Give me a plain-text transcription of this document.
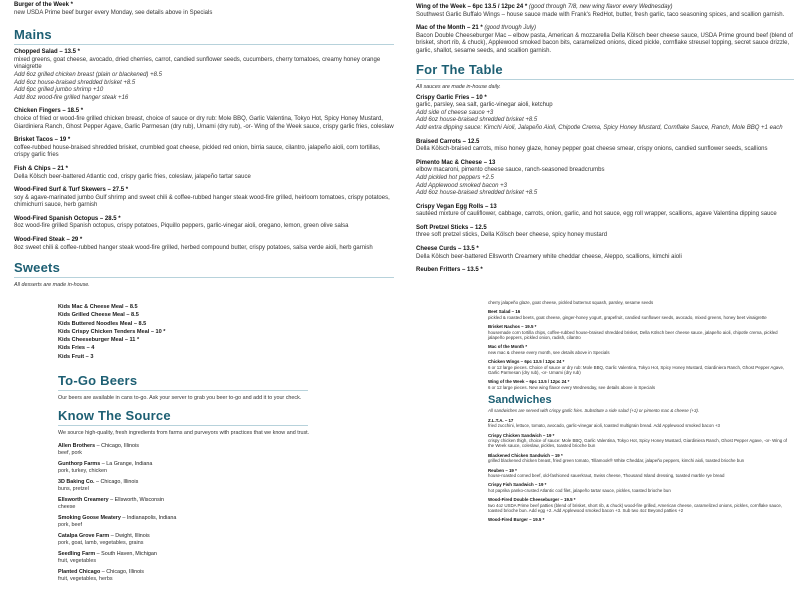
Burger of the Week *
new USDA Prime beef burger every Monday, see details above in Specials
Mains
Chopped Salad – 13.5 *
mixed greens, goat cheese, avocado, dried cherries, carrot, candied sunflower seeds, cucumbers, cherry tomatoes, creamy honey orange vinaigrette
Add 6oz grilled chicken breast (plain or blackened) +8.5
Add 6oz house-braised shredded brisket +8.5
Add 6pc grilled jumbo shrimp +10
Add 8oz wood-fire grilled hanger steak +16
Chicken Fingers – 18.5 *
choice of fried or wood-fire grilled chicken breast, choice of sauce or dry rub: Mole BBQ, Garlic Valentina, Tokyo Hot, Spicy Honey Mustard, Giardiniera Ranch, Ghost Pepper Agave, Garlic Parmesan (dry rub), Umami (dry rub), -or- Wing of the Week sauce, crispy garlic fries, coleslaw
Brisket Tacos – 19 *
coffee-rubbed house-braised shredded brisket, crumbled goat cheese, pickled red onion, birria sauce, cilantro, jalapeño aioli, corn tortillas, crispy garlic fries
Fish & Chips – 21 *
Della Kölsch beer-battered Atlantic cod, crispy garlic fries, coleslaw, jalapeño tartar sauce
Wood-Fired Surf & Turf Skewers – 27.5 *
soy & agave-marinated jumbo Gulf shrimp and sweet chili & coffee-rubbed hanger steak wood-fire grilled, heirloom tomatoes, crispy potatoes, chimichurri sauce, herb garnish
Wood-Fired Spanish Octopus – 28.5 *
8oz wood-fire grilled Spanish octopus, crispy potatoes, Piquillo peppers, garlic-vinegar aioli, oregano, lemon, green olive salsa
Wood-Fired Steak – 29 *
8oz sweet chili & coffee-rubbed hanger steak wood-fire grilled, herbed compound butter, crispy potatoes, salsa verde aioli, herb garnish
Sweets
All desserts are made in-house.
Kids Mac & Cheese Meal – 8.5
Kids Grilled Cheese Meal – 8.5
Kids Buttered Noodles Meal – 8.5
Kids Crispy Chicken Tenders Meal – 10 *
Kids Cheeseburger Meal – 11 *
Kids Fries – 4
Kids Fruit – 3
To-Go Beers
Our beers are available in cans to-go. Ask your server to grab you beer to-go and add it to your check.
Know The Source
We source high-quality, fresh ingredients from farms and purveyors with practices that we know and trust.
Allen Brothers – Chicago, Illinois
beef, pork
Gunthorp Farms – La Grange, Indiana
pork, turkey, chicken
3D Baking Co. – Chicago, Illinois
buns, pretzel
Ellsworth Creamery – Ellsworth, Wisconsin
cheese
Smoking Goose Meatery – Indianapolis, Indiana
pork, beef
Catalpa Grove Farm – Dwight, Illinois
pork, goat, lamb, vegetables, grains
Seedling Farm – South Haven, Michigan
fruit, vegetables
Planted Chicago – Chicago, Illinois
fruit, vegetables, herbs
Wing of the Week – 6pc 13.5 / 12pc 24 * (good through 7/8, new wing flavor every Wednesday)
Southwest Garlic Buffalo Wings – house sauce made with Frank's RedHot, butter, fresh garlic, taco seasoning spices, and scallion garnish.
Mac of the Month – 21 * (good through July)
Bacon Double Cheeseburger Mac – elbow pasta, American & mozzarella Della Kölsch beer cheese sauce, USDA Prime ground beef (blend of brisket, short rib, & chuck), Applewood smoked bacon bits, caramelized onions, diced pickle, cornflake streusel topping, secret sauce drizzle, garlic, shallot, sesame seeds, and scallion garnish.
For The Table
All sauces are made in-house daily.
Crispy Garlic Fries – 10 *
garlic, parsley, sea salt, garlic-vinegar aioli, ketchup
Add side of cheese sauce +3
Add 6oz house-braised shredded brisket +8.5
Add extra dipping sauce: Kimchi Aioli, Jalapeño Aioli, Chipotle Crema, Spicy Honey Mustard, Cornflake Sauce, Ranch, Mole BBQ +1 each
Braised Carrots – 12.5
Della Kölsch-braised carrots, miso honey glaze, honey pepper goat cheese smear, crispy onions, candied sunflower seeds, scallions
Pimento Mac & Cheese – 13
elbow macaroni, pimento cheese sauce, ranch-seasoned breadcrumbs
Add pickled hot peppers +2.5
Add Applewood smoked bacon +3
Add 6oz house-braised shredded brisket +8.5
Crispy Vegan Egg Rolls – 13
sautéed mixture of cauliflower, cabbage, carrots, onion, garlic, and hot sauce, egg roll wrapper, scallions, agave Valentina dipping sauce
Soft Pretzel Sticks – 12.5
three soft pretzel sticks, Della Kölsch beer cheese, spicy honey mustard
Cheese Curds – 13.5 *
Della Kölsch beer-battered Ellsworth Creamery white cheddar cheese, Aleppo, scallions, kimchi aioli
Reuben Fritters – 13.5 *
cherry jalapeño glaze, goat cheese, pickled butternut squash, parsley, sesame seeds
Beet Salad – 16
pickled & roasted beets, goat cheese, ginger-honey yogurt, grapefruit, candied sunflower seeds, avocado, mixed greens, honey beet vinaigrette
Brisket Nachos – 19.5 *
housemade corn tortilla chips, coffee-rubbed house-braised shredded brisket, Della Kölsch beer cheese sauce, jalapeño aioli, chipotle crema, pickled jalapeño peppers, pickled onion, radish, cilantro
Mac of the Month *
new mac & cheese every month, see details above in Specials
Chicken Wings – 6pc 13.5 / 12pc 24 *
6 or 12 large pieces. Choice of sauce or dry rub: Mole BBQ, Garlic Valentina, Tokyo Hot, Spicy Honey Mustard, Giardiniera Ranch, Ghost Pepper Agave, Garlic Parmesan (dry rub), -or- Umami (dry rub)
Wing of the Week – 6pc 13.5 / 12pc 24 *
6 or 12 large pieces. New wing flavor every Wednesday, see details above in Specials
Sandwiches
All sandwiches are served with crispy garlic fries. Substitute a side salad (+1) or pimento mac & cheese (+3).
Z.L.T.A. – 17
fried zucchini, lettuce, tomato, avocado, garlic-vinegar aioli, toasted multigrain bread. Add Applewood smoked bacon +3
Crispy Chicken Sandwich – 19 *
crispy chicken thigh, choice of sauce: Mole BBQ, Garlic Valentina, Tokyo Hot, Spicy Honey Mustard, Giardiniera Ranch, Ghost Pepper Agave, -or- Wing of the Week sauce, coleslaw, pickles, toasted brioche bun
Blackened Chicken Sandwich – 19 *
grilled blackened chicken breast, fried green tomato, Tillamook® White Cheddar, jalapeño peppers, kimchi aioli, toasted brioche bun
Reuben – 19 *
house-roasted corned beef, old-fashioned sauerkraut, Swiss cheese, Thousand Island dressing, toasted marble rye bread
Crispy Fish Sandwich – 19 *
hot paprika panko-crusted Atlantic cod filet, jalapeño tartar sauce, pickles, toasted brioche bun
Wood-Fired Double Cheeseburger – 19.5 *
two 4oz USDA Prime beef patties (blend of brisket, short rib, & chuck) wood-fire grilled, American cheese, caramelized onions, pickles, cornflake sauce, toasted brioche bun. Add egg +2. Add Applewood smoked bacon +3. Sub two 4oz Beyond patties +2
Wood-Fired Burger – 19.5 *
